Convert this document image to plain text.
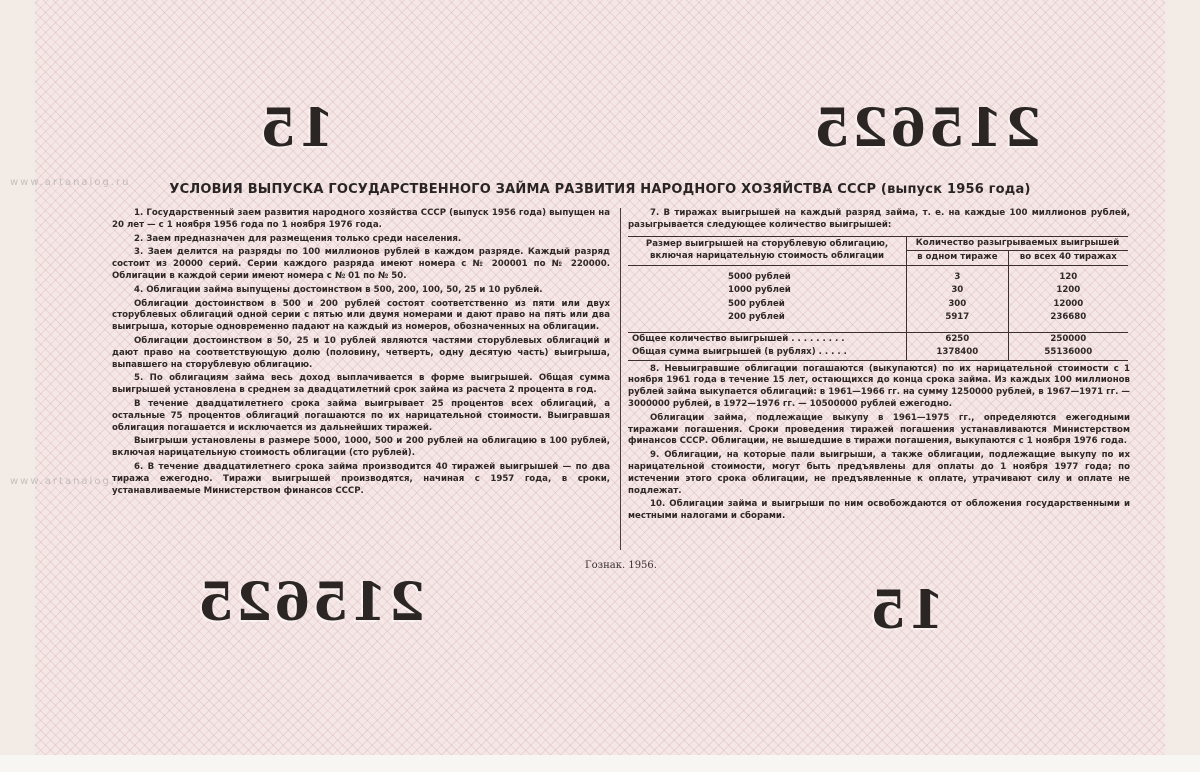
www.artanalog.ru
www.artanalog.ru
15	215625
215625	15
УСЛОВИЯ ВЫПУСКА ГОСУДАРСТВЕННОГО ЗАЙМА РАЗВИТИЯ НАРОДНОГО ХОЗЯЙСТВА СССР (выпуск 1956 года)

1. Государственный заем развития народного хозяйства СССР (выпуск 1956 года) выпущен на 20 лет — с 1 ноября 1956 года по 1 ноября 1976 года.

2. Заем предназначен для размещения только среди населения.

3. Заем делится на разряды по 100 миллионов рублей в каждом разряде. Каждый разряд состоит из 20000 серий. Серии каждого разряда имеют номера с № 200001 по № 220000. Облигации в каждой серии имеют номера с № 01 по № 50.

4. Облигации займа выпущены достоинством в 500, 200, 100, 50, 25 и 10 рублей.

Облигации достоинством в 500 и 200 рублей состоят соответственно из пяти или двух сторублевых облигаций одной серии с пятью или двумя номерами и дают право на пять или два выигрыша, которые одновременно падают на каждый из номеров, обозначенных на облигации.

Облигации достоинством в 50, 25 и 10 рублей являются частями сторублевых облигаций и дают право на соответствующую долю (половину, четверть, одну десятую часть) выигрыша, выпавшего на сторублевую облигацию.

5. По облигациям займа весь доход выплачивается в форме выигрышей. Общая сумма выигрышей установлена в среднем за двадцатилетний срок займа из расчета 2 процента в год.

В течение двадцатилетнего срока займа выигрывает 25 процентов всех облигаций, а остальные 75 процентов облигаций погашаются по их нарицательной стоимости. Выигравшая облигация погашается и исключается из дальнейших тиражей.

Выигрыши установлены в размере 5000, 1000, 500 и 200 рублей на облигацию в 100 рублей, включая нарицательную стоимость облигации (сто рублей).

6. В течение двадцатилетнего срока займа производится 40 тиражей выигрышей — по два тиража ежегодно. Тиражи выигрышей производятся, начиная с 1957 года, в сроки, устанавливаемые Министерством финансов СССР.

7. В тиражах выигрышей на каждый разряд займа, т. е. на каждые 100 миллионов рублей, разыгрывается следующее количество выигрышей:

Размер выигрышей на сторублевую облигацию, включая нарицательную стоимость облигации	Количество разыгрываемых выигрышей	
	в одном тираже	во всех 40 тиражах
5000 рублей	3	120
1000 рублей	30	1200
500 рублей	300	12000
200 рублей	5917	236680
Общее количество выигрышей . . . . . . . . .	6250	250000
Общая сумма выигрышей (в рублях) . . . . .	1378400	55136000

8. Невыигравшие облигации погашаются (выкупаются) по их нарицательной стоимости с 1 ноября 1961 года в течение 15 лет, остающихся до конца срока займа. Из каждых 100 миллионов рублей займа выкупается облигаций: в 1961—1966 гг. на сумму 1250000 рублей, в 1967—1971 гг. — 3000000 рублей, в 1972—1976 гг. — 10500000 рублей ежегодно.

Облигации займа, подлежащие выкупу в 1961—1975 гг., определяются ежегодными тиражами погашения. Сроки проведения тиражей погашения устанавливаются Министерством финансов СССР. Облигации, не вышедшие в тиражи погашения, выкупаются с 1 ноября 1976 года.

9. Облигации, на которые пали выигрыши, а также облигации, подлежащие выкупу по их нарицательной стоимости, могут быть предъявлены для оплаты до 1 ноября 1977 года; по истечении этого срока облигации, не предъявленные к оплате, утрачивают силу и оплате не подлежат.

10. Облигации займа и выигрыши по ним освобождаются от обложения государственными и местными налогами и сборами.

Гознак. 1956.
